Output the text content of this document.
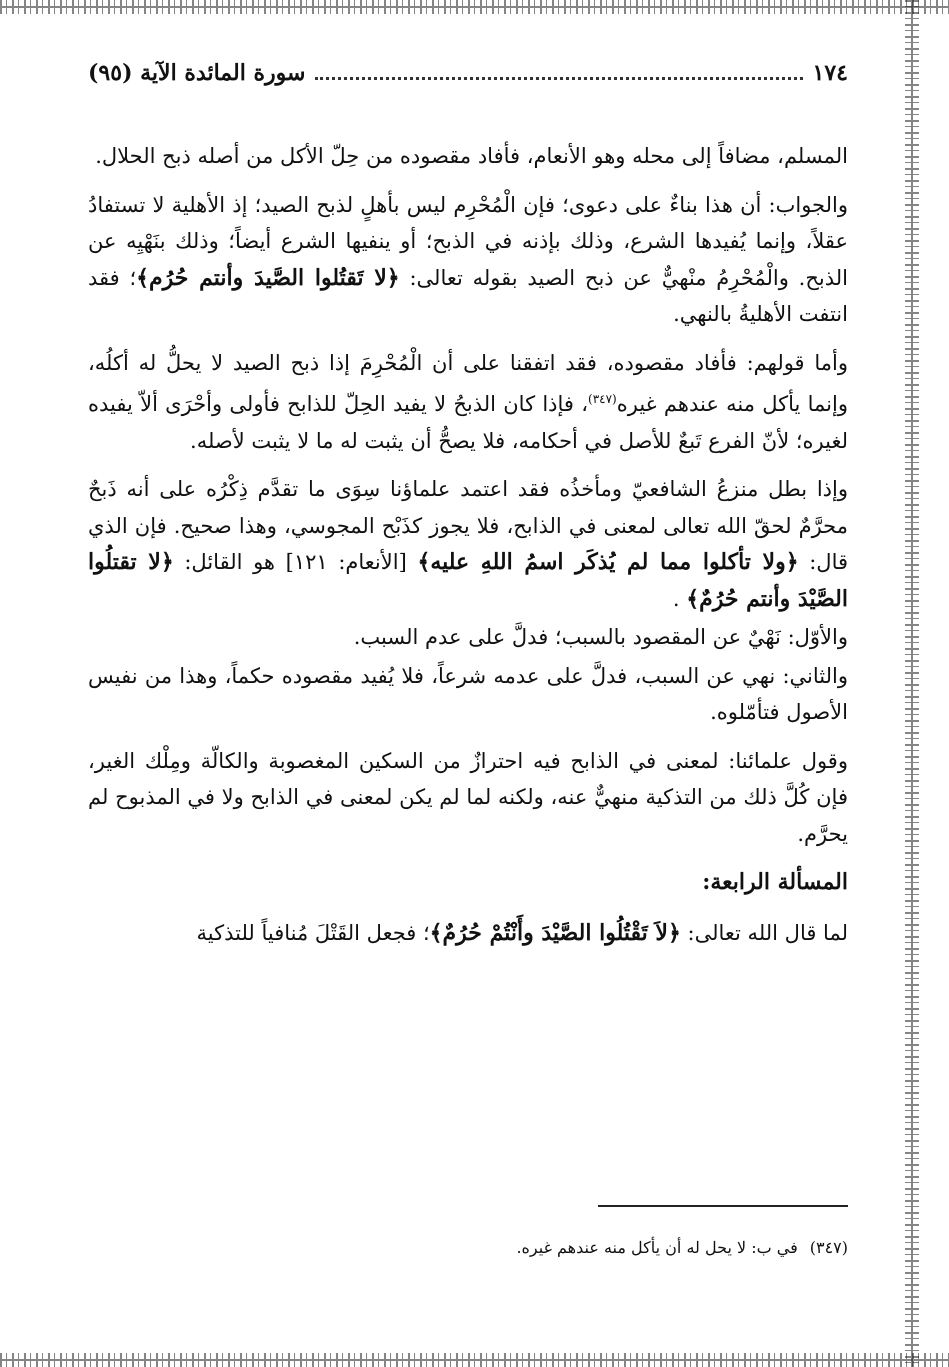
١٧٤
سورة المائدة الآية (٩٥)

المسلم، مضافاً إلى محله وهو الأنعام، فأفاد مقصوده من حِلّ الأكل من أصله ذبح الحلال.

والجواب: أن هذا بناءٌ على دعوى؛ فإن الْمُحْرِم ليس بأهلٍ لذبح الصيد؛ إذ الأهلية لا تستفادُ عقلاً، وإنما يُفيدها الشرع، وذلك بإذنه في الذبح؛ أو ينفيها الشرع أيضاً؛ وذلك بنَهْيِه عن الذبح. والْمُحْرِمُ منْهيٌّ عن ذبح الصيد بقوله تعالى: ﴿لا تَقتُلوا الصَّيدَ وأنتم حُرُم﴾؛ فقد انتفت الأهليةُ بالنهي.

وأما قولهم: فأفاد مقصوده، فقد اتفقنا على أن الْمُحْرِمَ إذا ذبح الصيد لا يحلُّ له أكلُه، وإنما يأكل منه عندهم غيره$^{(٣٤٧)}$، فإذا كان الذبحُ لا يفيد الحِلّ للذابح فأولى وأحْرَى ألاّ يفيده لغيره؛ لأنّ الفرع تَبعٌ للأصل في أحكامه، فلا يصحُّ أن يثبت له ما لا يثبت لأصله.

وإذا بطل منزعُ الشافعيّ ومأخذُه فقد اعتمد علماؤنا سِوَى ما تقدَّم ذِكْرُه على أنه ذَبحٌ محرَّمٌ لحقّ الله تعالى لمعنى في الذابح، فلا يجوز كذَبْح المجوسي، وهذا صحيح. فإن الذي قال: ﴿ولا تأكلوا مما لم يُذكَر اسمُ اللهِ عليه﴾ [الأنعام: ١٢١] هو القائل: ﴿لا تقتلُوا الصَّيْدَ وأنتم حُرُمٌ﴾ .

والأوّل: نَهْيٌ عن المقصود بالسبب؛ فدلَّ على عدم السبب.

والثاني: نهي عن السبب، فدلَّ على عدمه شرعاً، فلا يُفيد مقصوده حكماً، وهذا من نفيس الأصول فتأمّلوه.

وقول علمائنا: لمعنى في الذابح فيه احترازٌ من السكين المغصوبة والكالّة ومِلْك الغير، فإن كُلَّ ذلك من التذكية منهيٌّ عنه، ولكنه لما لم يكن لمعنى في الذابح ولا في المذبوح لم يحرَّم.

المسألة الرابعة:

لما قال الله تعالى: ﴿لاَ تَقْتُلُوا الصَّيْدَ وأَنْتُمْ حُرُمٌ﴾؛ فجعل القَتْلَ مُنافياً للتذكية

(٣٤٧)في ب: لا يحل له أن يأكل منه عندهم غيره.
